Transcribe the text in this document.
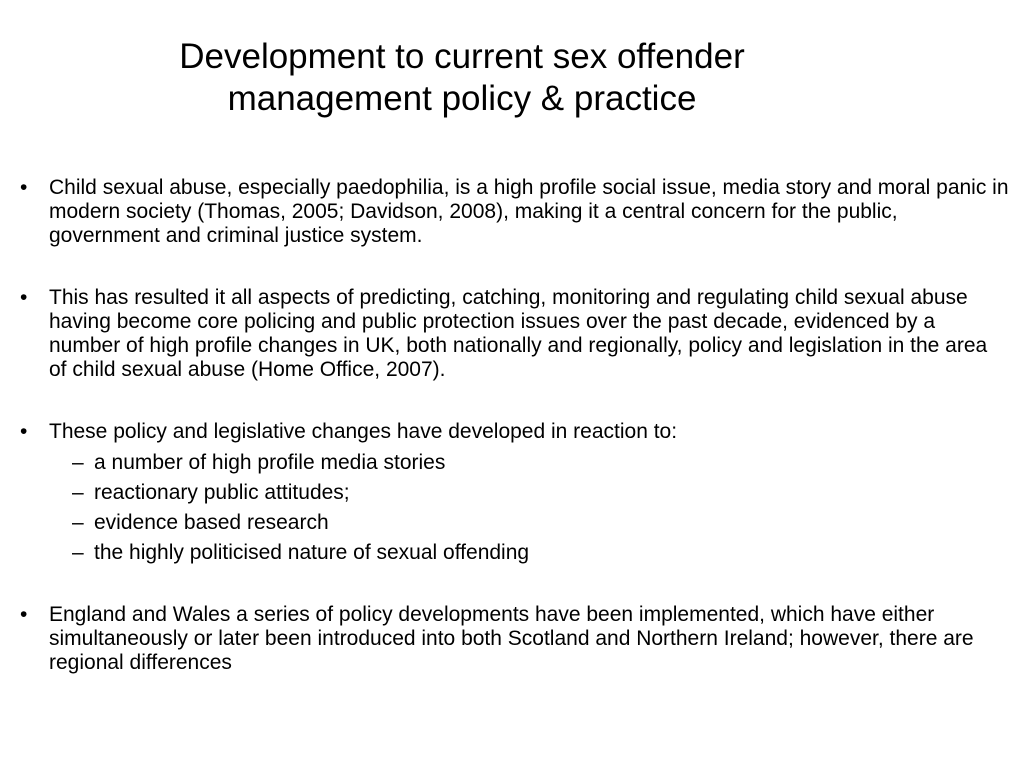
Development to current sex offender
management policy & practice

•	Child sexual abuse, especially paedophilia, is a high profile social issue, media story and moral panic in modern society (Thomas, 2005; Davidson, 2008), making it a central concern for the public, government and criminal justice system.

•	This has resulted it all aspects of predicting, catching, monitoring and regulating child sexual abuse having become core policing and public protection issues over the past decade, evidenced by a number of high profile changes in UK, both nationally and regionally, policy and legislation in the area of child sexual abuse (Home Office, 2007).

•	These policy and legislative changes have developed in reaction to:

– a number of high profile media stories

– reactionary public attitudes;

– evidence based research

– the highly politicised nature of sexual offending

•	England and Wales a series of policy developments have been implemented, which have either simultaneously or later been introduced into both Scotland and Northern Ireland; however, there are regional differences
